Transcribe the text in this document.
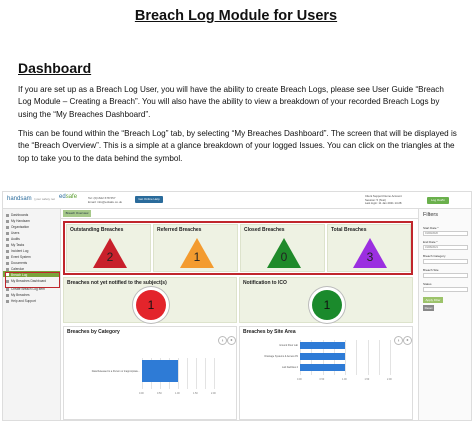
Breach Log Module for Users
Dashboard
If you are set up as a Breach Log User, you will have the ability to create Breach Logs, please see User Guide “Breach Log Module – Creating a Breach”. You will also have the ability to view a breakdown of your recorded Breach Logs by using the “My Breaches Dashboard”.
This can be found within the “Breach Log” tab, by selecting “My Breaches Dashboard”. The screen that will be displayed is the “Breach Overview”. This is a simple at a glance breakdown of your logged Issues. You can click on the triangles at the top to take you to the data behind the symbol.
handsam | your safety net edsafe	Tel: (0)1622 678 557
Email: info@edsafe.co.uk
Get Online Help
Client Support Demo Account
Session: 5 (Test)
Last login: 11 Jan 2021 14:28
Log Out/In
Dashboards
My Handsam
Organisation
Users
Audits
My Tasks
Incident Log
Event System
Documents
Calendar
Breach Log
My Breaches Dashboard
Create Breach Log Item
My Breaches
Help and Support
Breach Overview
Outstanding Breaches
2
Referred Breaches
1
Closed Breaches
0
Total Breaches
3
Breaches not yet notified to the subject(s)
1
Notification to ICO
1
Breaches by Category
⤓	≡
0.00	0.50	1.00	1.50	2.00
Data Released to a Person or Inappropriate...
Breaches by Site Area
⤓	≡
0.00	0.50	1.00	1.50	2.00
Ground Floor Lab
Drainage Systems & Access Pit
Lab Facilities 2
Filters
Start Date *
01/09/2020
End Date *
31/08/2021
Breach Category
Breach Site
Status
Apply Filter
Reset
